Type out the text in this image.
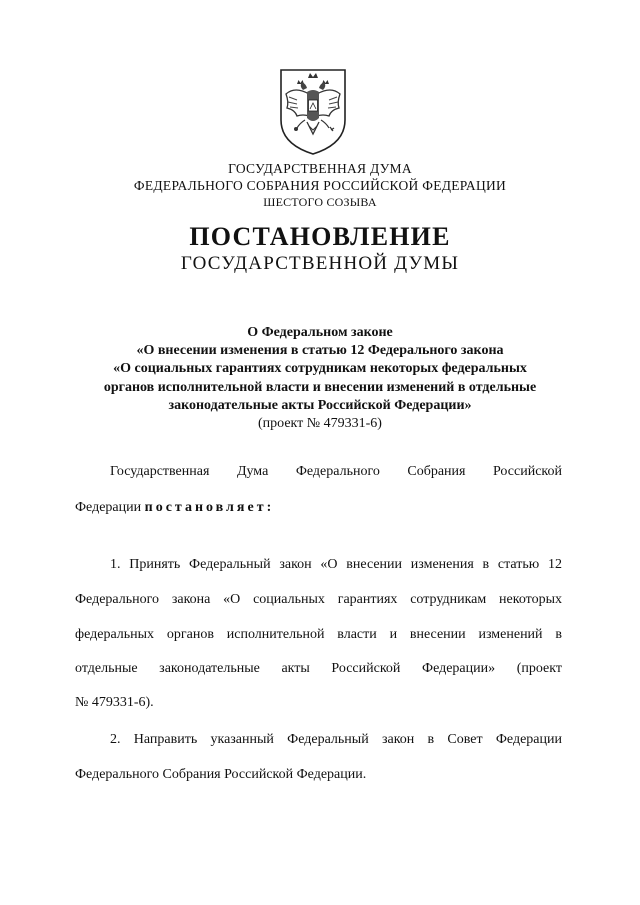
ГОСУДАРСТВЕННАЯ ДУМА
ФЕДЕРАЛЬНОГО СОБРАНИЯ РОССИЙСКОЙ ФЕДЕРАЦИИ
ШЕСТОГО СОЗЫВА
ПОСТАНОВЛЕНИЕ
ГОСУДАРСТВЕННОЙ ДУМЫ
О Федеральном законе
«О внесении изменения в статью 12 Федерального закона
«О социальных гарантиях сотрудникам некоторых федеральных
органов исполнительной власти и внесении изменений в отдельные
законодательные акты Российской Федерации»
(проект № 479331-6)
Государственная Дума Федерального Собрания Российской
Федерации постановляет:
1. Принять Федеральный закон «О внесении изменения в статью 12
Федерального закона «О социальных гарантиях сотрудникам некоторых
федеральных органов исполнительной власти и внесении изменений в
отдельные законодательные акты Российской Федерации» (проект
№ 479331-6).
2. Направить указанный Федеральный закон в Совет Федерации
Федерального Собрания Российской Федерации.
